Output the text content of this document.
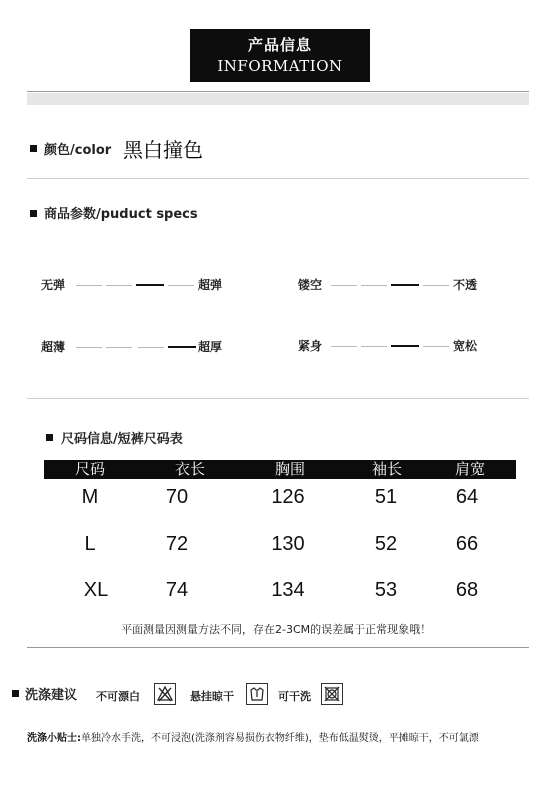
产品信息
INFORMATION
颜色/color 黑白撞色
商品参数/puduct specs
无弹	超弹	镂空	不透
超薄	超厚	紧身	宽松
尺码信息/短裤尺码表
尺码	衣长	胸围	袖长	肩宽
M	70	126	51	64
L	72	130	52	66
XL	74	134	53	68
平面测量因测量方法不同，存在2-3CM的误差属于正常现象哦！
洗涤建议 不可漂白	悬挂晾干	可干洗
洗涤小贴士:单独冷水手洗，不可浸泡(洗涤剂容易损伤衣物纤维)，垫布低温熨烫，平摊晾干，不可氯漂
